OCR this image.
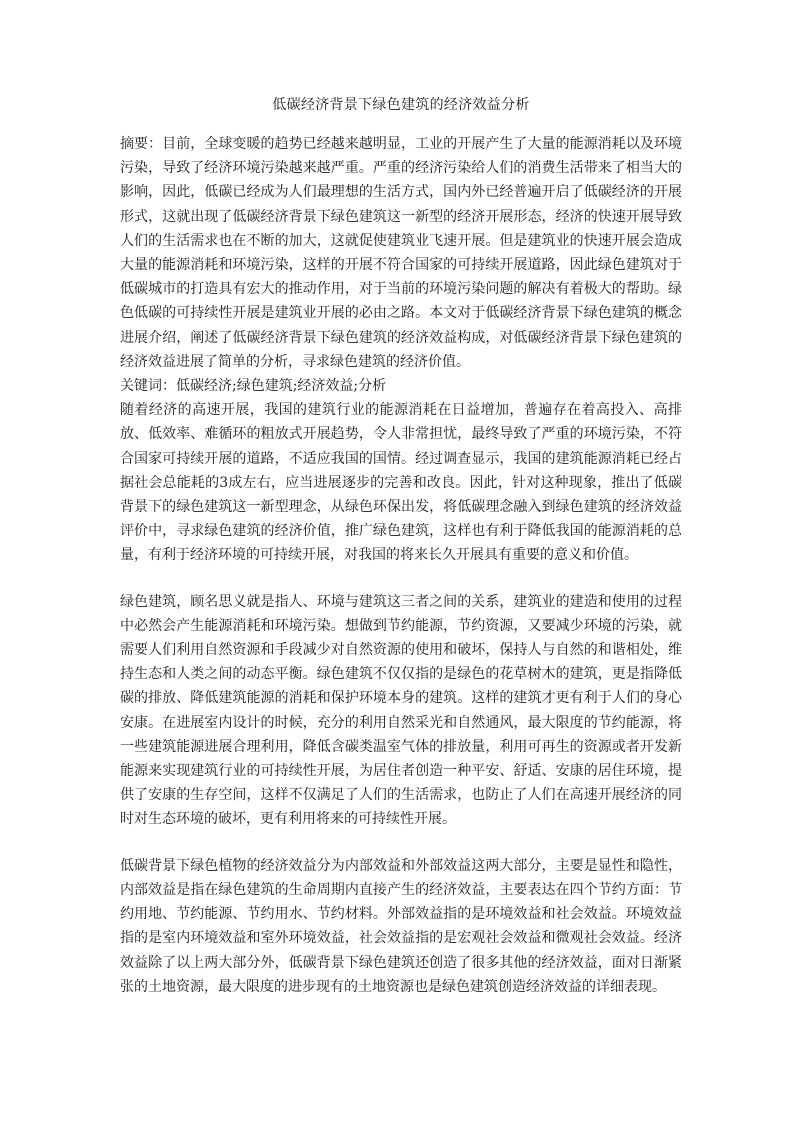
低碳经济背景下绿色建筑的经济效益分析

摘要：目前，全球变暖的趋势已经越来越明显，工业的开展产生了大量的能源消耗以及环境污染，导致了经济环境污染越来越严重。严重的经济污染给人们的消费生活带来了相当大的影响，因此，低碳已经成为人们最理想的生活方式，国内外已经普遍开启了低碳经济的开展形式，这就出现了低碳经济背景下绿色建筑这一新型的经济开展形态，经济的快速开展导致人们的生活需求也在不断的加大，这就促使建筑业飞速开展。但是建筑业的快速开展会造成大量的能源消耗和环境污染，这样的开展不符合国家的可持续开展道路，因此绿色建筑对于低碳城市的打造具有宏大的推动作用，对于当前的环境污染问题的解决有着极大的帮助。绿色低碳的可持续性开展是建筑业开展的必由之路。本文对于低碳经济背景下绿色建筑的概念进展介绍，阐述了低碳经济背景下绿色建筑的经济效益构成，对低碳经济背景下绿色建筑的经济效益进展了简单的分析，寻求绿色建筑的经济价值。

关键词：低碳经济;绿色建筑;经济效益;分析

随着经济的高速开展，我国的建筑行业的能源消耗在日益增加，普遍存在着高投入、高排放、低效率、难循环的粗放式开展趋势，令人非常担忧，最终导致了严重的环境污染，不符合国家可持续开展的道路，不适应我国的国情。经过调查显示，我国的建筑能源消耗已经占据社会总能耗的3成左右，应当进展逐步的完善和改良。因此，针对这种现象，推出了低碳背景下的绿色建筑这一新型理念，从绿色环保出发，将低碳理念融入到绿色建筑的经济效益评价中，寻求绿色建筑的经济价值，推广绿色建筑，这样也有利于降低我国的能源消耗的总量，有利于经济环境的可持续开展，对我国的将来长久开展具有重要的意义和价值。

绿色建筑，顾名思义就是指人、环境与建筑这三者之间的关系，建筑业的建造和使用的过程中必然会产生能源消耗和环境污染。想做到节约能源，节约资源，又要减少环境的污染，就需要人们利用自然资源和手段减少对自然资源的使用和破坏，保持人与自然的和谐相处，维持生态和人类之间的动态平衡。绿色建筑不仅仅指的是绿色的花草树木的建筑，更是指降低碳的排放、降低建筑能源的消耗和保护环境本身的建筑。这样的建筑才更有利于人们的身心安康。在进展室内设计的时候，充分的利用自然采光和自然通风，最大限度的节约能源，将一些建筑能源进展合理利用，降低含碳类温室气体的排放量，利用可再生的资源或者开发新能源来实现建筑行业的可持续性开展，为居住者创造一种平安、舒适、安康的居住环境，提供了安康的生存空间，这样不仅满足了人们的生活需求，也防止了人们在高速开展经济的同时对生态环境的破坏，更有利用将来的可持续性开展。

低碳背景下绿色植物的经济效益分为内部效益和外部效益这两大部分，主要是显性和隐性，内部效益是指在绿色建筑的生命周期内直接产生的经济效益，主要表达在四个节约方面：节约用地、节约能源、节约用水、节约材料。外部效益指的是环境效益和社会效益。环境效益指的是室内环境效益和室外环境效益，社会效益指的是宏观社会效益和微观社会效益。经济效益除了以上两大部分外，低碳背景下绿色建筑还创造了很多其他的经济效益，面对日渐紧张的土地资源，最大限度的进步现有的土地资源也是绿色建筑创造经济效益的详细表现。
